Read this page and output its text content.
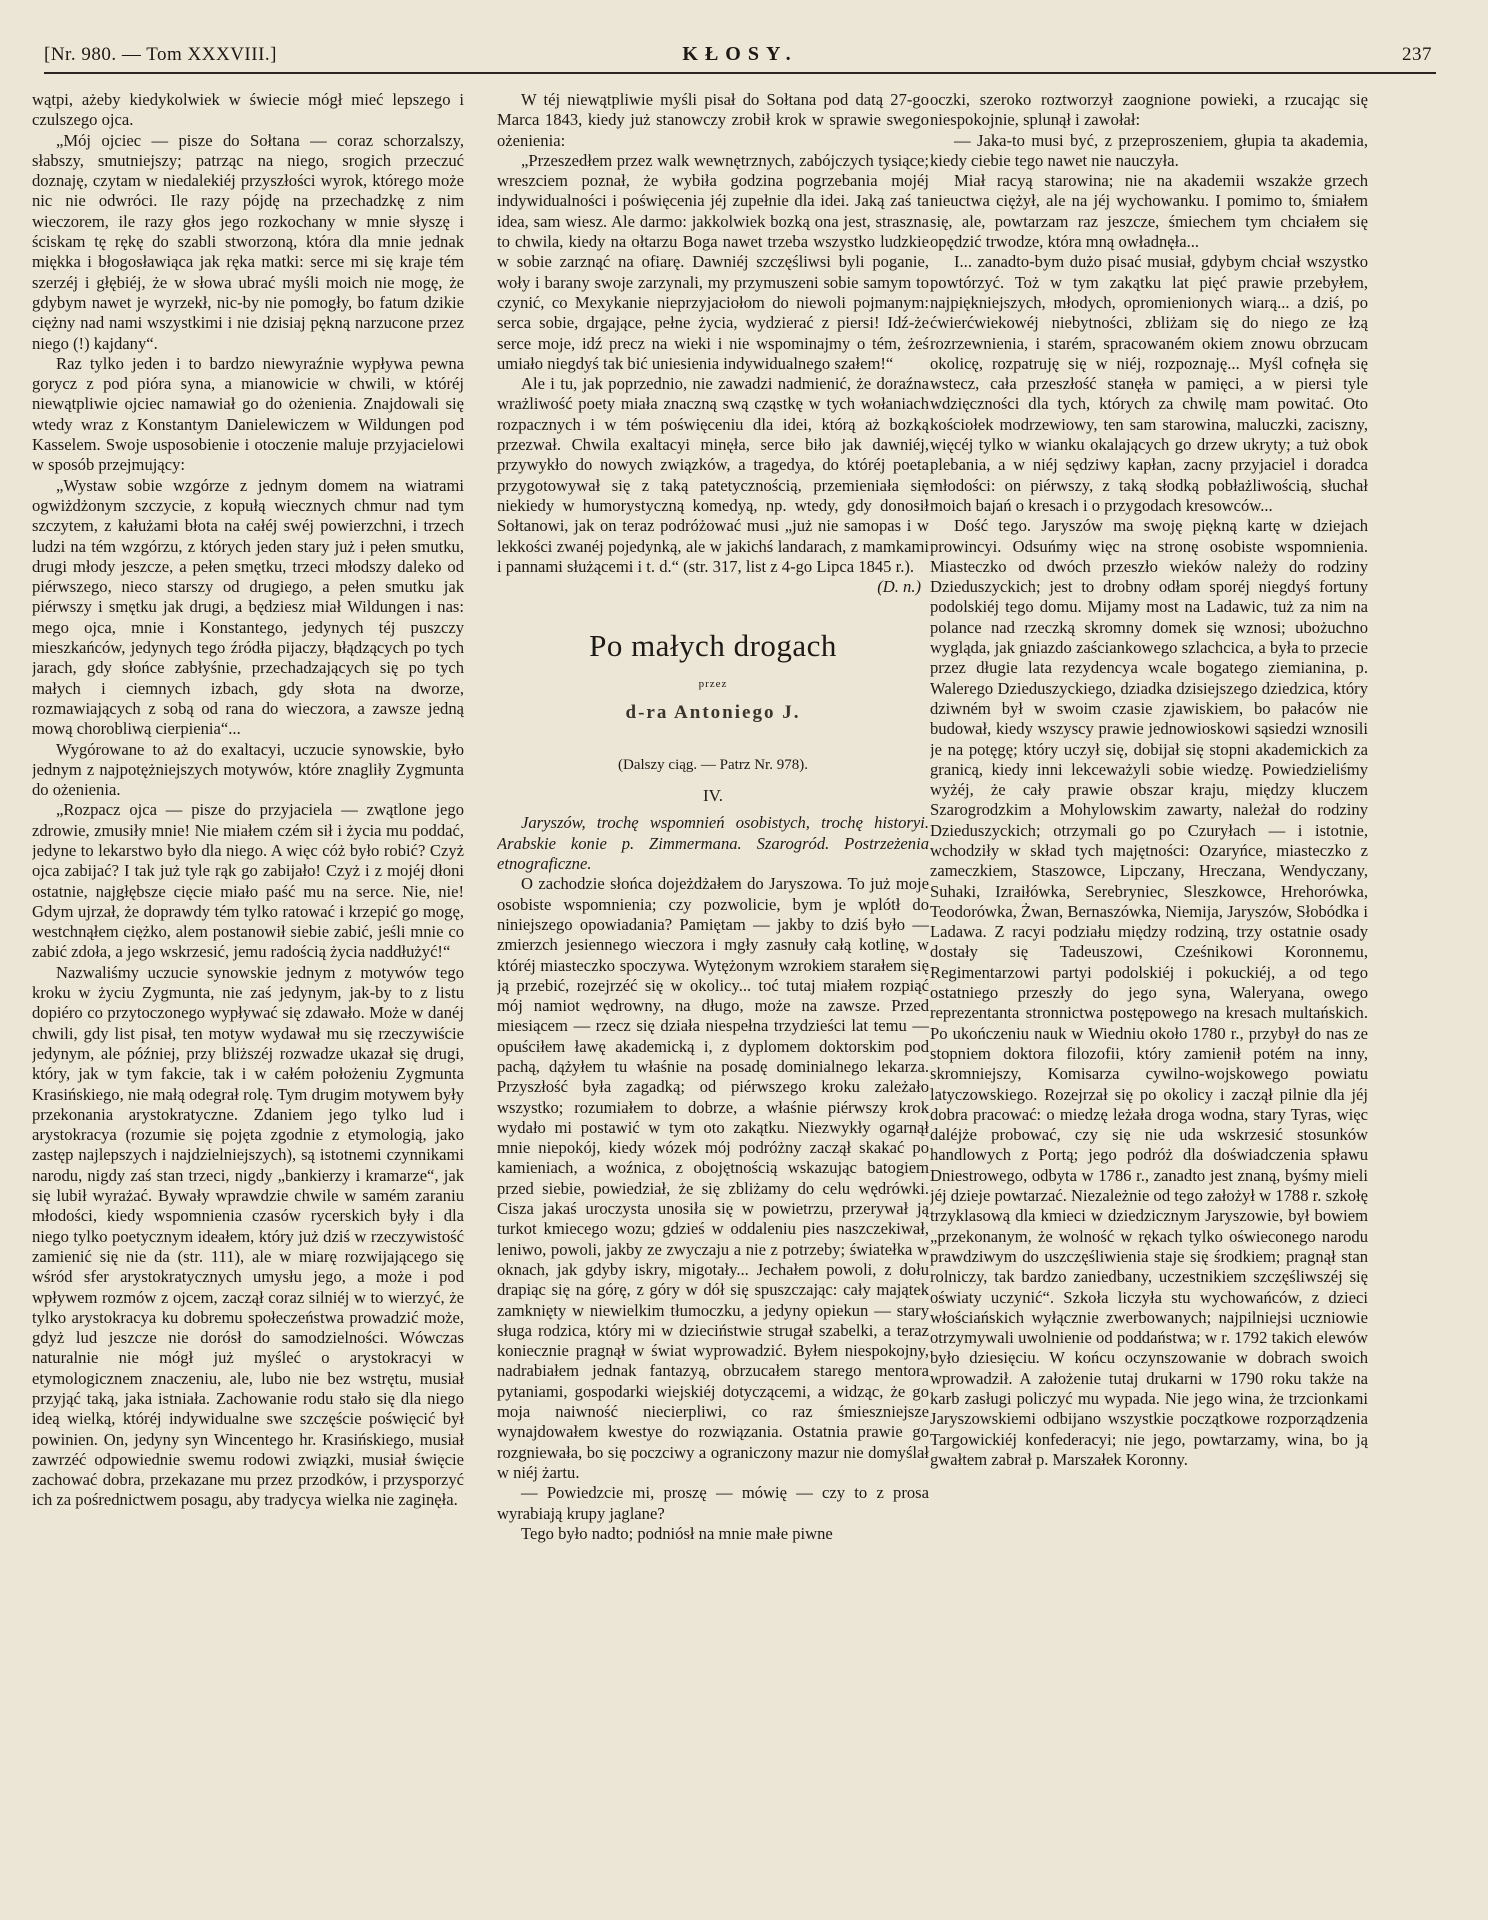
[Nr. 980. — Tom XXXVIII.]	KŁOSY.	237

wątpi, ażeby kiedykolwiek w świecie mógł mieć lepszego i czulszego ojca.

„Mój ojciec — pisze do Sołtana — coraz schorzalszy, słabszy, smutniejszy; patrząc na niego, srogich przeczuć doznaję, czytam w niedalekiéj przyszłości wyrok, którego może nic nie odwróci. Ile razy pójdę na przechadzkę z nim wieczorem, ile razy głos jego rozkochany w mnie słyszę i ściskam tę rękę do szabli stworzoną, która dla mnie jednak miękka i błogosławiąca jak ręka matki: serce mi się kraje tém szerzéj i głębiéj, że w słowa ubrać myśli moich nie mogę, że gdybym nawet je wyrzekł, nic-by nie pomogły, bo fatum dzikie ciężny nad nami wszystkimi i nie dzisiaj pękną narzucone przez niego (!) kajdany“.

Raz tylko jeden i to bardzo niewyraźnie wypływa pewna gorycz z pod pióra syna, a mianowicie w chwili, w któréj niewątpliwie ojciec namawiał go do ożenienia. Znajdowali się wtedy wraz z Konstantym Danielewiczem w Wildungen pod Kasselem. Swoje usposobienie i otoczenie maluje przyjacielowi w sposób przejmujący:

„Wystaw sobie wzgórze z jednym domem na wiatrami ogwiżdżonym szczycie, z kopułą wiecznych chmur nad tym szczytem, z kałużami błota na całéj swéj powierzchni, i trzech ludzi na tém wzgórzu, z których jeden stary już i pełen smutku, drugi młody jeszcze, a pełen smętku, trzeci młodszy daleko od piérwszego, nieco starszy od drugiego, a pełen smutku jak piérwszy i smętku jak drugi, a będziesz miał Wildungen i nas: mego ojca, mnie i Konstantego, jedynych téj puszczy mieszkańców, jedynych tego źródła pijaczy, błądzących po tych jarach, gdy słońce zabłyśnie, przechadzających się po tych małych i ciemnych izbach, gdy słota na dworze, rozmawiających z sobą od rana do wieczora, a zawsze jedną mową chorobliwą cierpienia“...

Wygórowane to aż do exaltacyi, uczucie synowskie, było jednym z najpotężniejszych motywów, które znagliły Zygmunta do ożenienia.

„Rozpacz ojca — pisze do przyjaciela — zwątlone jego zdrowie, zmusiły mnie! Nie miałem czém sił i życia mu poddać, jedyne to lekarstwo było dla niego. A więc cóż było robić? Czyż ojca zabijać? I tak już tyle rąk go zabijało! Czyż i z mojéj dłoni ostatnie, najgłębsze cięcie miało paść mu na serce. Nie, nie! Gdym ujrzał, że doprawdy tém tylko ratować i krzepić go mogę, westchnąłem ciężko, alem postanowił siebie zabić, jeśli mnie co zabić zdoła, a jego wskrzesić, jemu radością życia naddłużyć!“

Nazwaliśmy uczucie synowskie jednym z motywów tego kroku w życiu Zygmunta, nie zaś jedynym, jak-by to z listu dopiéro co przytoczonego wypływać się zdawało. Może w danéj chwili, gdy list pisał, ten motyw wydawał mu się rzeczywiście jedynym, ale później, przy bliższéj rozwadze ukazał się drugi, który, jak w tym fakcie, tak i w całém położeniu Zygmunta Krasińskiego, nie małą odegrał rolę. Tym drugim motywem były przekonania arystokratyczne. Zdaniem jego tylko lud i arystokracya (rozumie się pojęta zgodnie z etymologią, jako zastęp najlepszych i najdzielniejszych), są istotnemi czynnikami narodu, nigdy zaś stan trzeci, nigdy „bankierzy i kramarze“, jak się lubił wyrażać. Bywały wprawdzie chwile w samém zaraniu młodości, kiedy wspomnienia czasów rycerskich były i dla niego tylko poetycznym ideałem, który już dziś w rzeczywistość zamienić się nie da (str. 111), ale w miarę rozwijającego się wśród sfer arystokratycznych umysłu jego, a może i pod wpływem rozmów z ojcem, zaczął coraz silniéj w to wierzyć, że tylko arystokracya ku dobremu społeczeństwa prowadzić może, gdyż lud jeszcze nie dorósł do samodzielności. Wówczas naturalnie nie mógł już myśleć o arystokracyi w etymologicznem znaczeniu, ale, lubo nie bez wstrętu, musiał przyjąć taką, jaka istniała. Zachowanie rodu stało się dla niego ideą wielką, któréj indywidualne swe szczęście poświęcić był powinien. On, jedyny syn Wincentego hr. Krasińskiego, musiał zawrzéć odpowiednie swemu rodowi związki, musiał święcie zachować dobra, przekazane mu przez przodków, i przysporzyć ich za pośrednictwem posagu, aby tradycya wielka nie zaginęła.

W téj niewątpliwie myśli pisał do Sołtana pod datą 27-go Marca 1843, kiedy już stanowczy zrobił krok w sprawie swego ożenienia:

„Przeszedłem przez walk wewnętrznych, zabójczych tysiące; wreszciem poznał, że wybiła godzina pogrzebania mojéj indywidualności i poświęcenia jéj zupełnie dla idei. Jaką zaś ta idea, sam wiesz. Ale darmo: jakkolwiek bozką ona jest, straszna to chwila, kiedy na ołtarzu Boga nawet trzeba wszystko ludzkie w sobie zarznąć na ofiarę. Dawniéj szczęśliwsi byli poganie, woły i barany swoje zarzynali, my przymuszeni sobie samym to czynić, co Mexykanie nieprzyjaciołom do niewoli pojmanym: serca sobie, drgające, pełne życia, wydzierać z piersi! Idź-że serce moje, idź precz na wieki i nie wspominajmy o tém, żeś umiało niegdyś tak bić uniesienia indywidualnego szałem!“

Ale i tu, jak poprzednio, nie zawadzi nadmienić, że doraźna wrażliwość poety miała znaczną swą cząstkę w tych wołaniach rozpacznych i w tém poświęceniu dla idei, którą aż bozką przezwał. Chwila exaltacyi minęła, serce biło jak dawniéj, przywykło do nowych związków, a tragedya, do któréj poeta przygotowywał się z taką patetycznością, przemieniała się niekiedy w humorystyczną komedyą, np. wtedy, gdy donosił Sołtanowi, jak on teraz podróżować musi „już nie samopas i w lekkości zwanéj pojedynką, ale w jakichś landarach, z mamkami i pannami służącemi i t. d.“ (str. 317, list z 4-go Lipca 1845 r.).

(D. n.)
Po małych drogach
przez
d-ra Antoniego J.
(Dalszy ciąg. — Patrz Nr. 978).
IV.

Jaryszów, trochę wspomnień osobistych, trochę historyi. Arabskie konie p. Zimmermana. Szarogród. Postrzeżenia etnograficzne.

O zachodzie słońca dojeżdżałem do Jaryszowa. To już moje osobiste wspomnienia; czy pozwolicie, bym je wplótł do niniejszego opowiadania? Pamiętam — jakby to dziś było — zmierzch jesiennego wieczora i mgły zasnuły całą kotlinę, w któréj miasteczko spoczywa. Wytężonym wzrokiem starałem się ją przebić, rozejrzéć się w okolicy... toć tutaj miałem rozpiąć mój namiot wędrowny, na długo, może na zawsze. Przed miesiącem — rzecz się działa niespełna trzydzieści lat temu — opuściłem ławę akademicką i, z dyplomem doktorskim pod pachą, dążyłem tu właśnie na posadę dominialnego lekarza. Przyszłość była zagadką; od piérwszego kroku zależało wszystko; rozumiałem to dobrze, a właśnie piérwszy krok wydało mi postawić w tym oto zakątku. Niezwykły ogarnął mnie niepokój, kiedy wózek mój podróżny zaczął skakać po kamieniach, a woźnica, z obojętnością wskazując batogiem przed siebie, powiedział, że się zbliżamy do celu wędrówki. Cisza jakaś uroczysta unosiła się w powietrzu, przerywał ją turkot kmiecego wozu; gdzieś w oddaleniu pies naszczekiwał, leniwo, powoli, jakby ze zwyczaju a nie z potrzeby; światełka w oknach, jak gdyby iskry, migotały... Jechałem powoli, z dołu drapiąc się na górę, z góry w dół się spuszczając: cały majątek zamknięty w niewielkim tłumoczku, a jedyny opiekun — stary sługa rodzica, który mi w dzieciństwie strugał szabelki, a teraz koniecznie pragnął w świat wyprowadzić. Byłem niespokojny, nadrabiałem jednak fantazyą, obrzucałem starego mentora pytaniami, gospodarki wiejskiéj dotyczącemi, a widząc, że go moja naiwność niecierpliwi, co raz śmieszniejsze wynajdowałem kwestye do rozwiązania. Ostatnia prawie go rozgniewała, bo się poczciwy a ograniczony mazur nie domyślał w niéj żartu.

— Powiedzcie mi, proszę — mówię — czy to z prosa wyrabiają krupy jaglane?

Tego było nadto; podniósł na mnie małe piwne

oczki, szeroko roztworzył zaognione powieki, a rzucając się niespokojnie, splunął i zawołał:

— Jaka-to musi być, z przeproszeniem, głupia ta akademia, kiedy ciebie tego nawet nie nauczyła.

Miał racyą starowina; nie na akademii wszakże grzech nieuctwa ciężył, ale na jéj wychowanku. I pomimo to, śmiałem się, ale, powtarzam raz jeszcze, śmiechem tym chciałem się opędzić trwodze, która mną owładnęła...

I... zanadto-bym dużo pisać musiał, gdybym chciał wszystko powtórzyć. Toż w tym zakątku lat pięć prawie przebyłem, najpiękniejszych, młodych, opromienionych wiarą... a dziś, po ćwierćwiekowéj niebytności, zbliżam się do niego ze łzą rozrzewnienia, i starém, spracowaném okiem znowu obrzucam okolicę, rozpatruję się w niéj, rozpoznaję... Myśl cofnęła się wstecz, cała przeszłość stanęła w pamięci, a w piersi tyle wdzięczności dla tych, których za chwilę mam powitać. Oto kościołek modrzewiowy, ten sam starowina, maluczki, zaciszny, więcéj tylko w wianku okalających go drzew ukryty; a tuż obok plebania, a w niéj sędziwy kapłan, zacny przyjaciel i doradca młodości: on piérwszy, z taką słodką pobłażliwością, słuchał moich bajań o kresach i o przygodach kresowców...

Dość tego. Jaryszów ma swoję piękną kartę w dziejach prowincyi. Odsuńmy więc na stronę osobiste wspomnienia. Miasteczko od dwóch przeszło wieków należy do rodziny Dzieduszyckich; jest to drobny odłam sporéj niegdyś fortuny podolskiéj tego domu. Mijamy most na Ladawic, tuż za nim na polance nad rzeczką skromny domek się wznosi; ubożuchno wygląda, jak gniazdo zaściankowego szlachcica, a była to przecie przez długie lata rezydencya wcale bogatego ziemianina, p. Walerego Dzieduszyckiego, dziadka dzisiejszego dziedzica, który dziwném był w swoim czasie zjawiskiem, bo pałaców nie budował, kiedy wszyscy prawie jednowioskowi sąsiedzi wznosili je na potęgę; który uczył się, dobijał się stopni akademickich za granicą, kiedy inni lekceważyli sobie wiedzę. Powiedzieliśmy wyżéj, że cały prawie obszar kraju, między kluczem Szarogrodzkim a Mohylowskim zawarty, należał do rodziny Dzieduszyckich; otrzymali go po Czuryłach — i istotnie, wchodziły w skład tych majętności: Ozaryńce, miasteczko z zameczkiem, Staszowce, Lipczany, Hreczana, Wendyczany, Suhaki, Izraiłówka, Serebryniec, Sleszkowce, Hrehorówka, Teodorówka, Żwan, Bernaszówka, Niemija, Jaryszów, Słobódka i Ladawa. Z racyi podziału między rodziną, trzy ostatnie osady dostały się Tadeuszowi, Cześnikowi Koronnemu, Regimentarzowi partyi podolskiéj i pokuckiéj, a od tego ostatniego przeszły do jego syna, Waleryana, owego reprezentanta stronnictwa postępowego na kresach multańskich. Po ukończeniu nauk w Wiedniu około 1780 r., przybył do nas ze stopniem doktora filozofii, który zamienił potém na inny, skromniejszy, Komisarza cywilno-wojskowego powiatu latyczowskiego. Rozejrzał się po okolicy i zaczął pilnie dla jéj dobra pracować: o miedzę leżała droga wodna, stary Tyras, więc daléjże probować, czy się nie uda wskrzesić stosunków handlowych z Portą; jego podróż dla doświadczenia spławu Dniestrowego, odbyta w 1786 r., zanadto jest znaną, byśmy mieli jéj dzieje powtarzać. Niezależnie od tego założył w 1788 r. szkołę trzyklasową dla kmieci w dziedzicznym Jaryszowie, był bowiem „przekonanym, że wolność w rękach tylko oświeconego narodu prawdziwym do uszczęśliwienia staje się środkiem; pragnął stan rolniczy, tak bardzo zaniedbany, uczestnikiem szczęśliwszéj się oświaty uczynić“. Szkoła liczyła stu wychowańców, z dzieci włościańskich wyłącznie zwerbowanych; najpilniejsi uczniowie otrzymywali uwolnienie od poddaństwa; w r. 1792 takich elewów było dziesięciu. W końcu oczynszowanie w dobrach swoich wprowadził. A założenie tutaj drukarni w 1790 roku także na karb zasługi policzyć mu wypada. Nie jego wina, że trzcionkami Jaryszowskiemi odbijano wszystkie początkowe rozporządzenia Targowickiéj konfederacyi; nie jego, powtarzamy, wina, bo ją gwałtem zabrał p. Marszałek Koronny.
